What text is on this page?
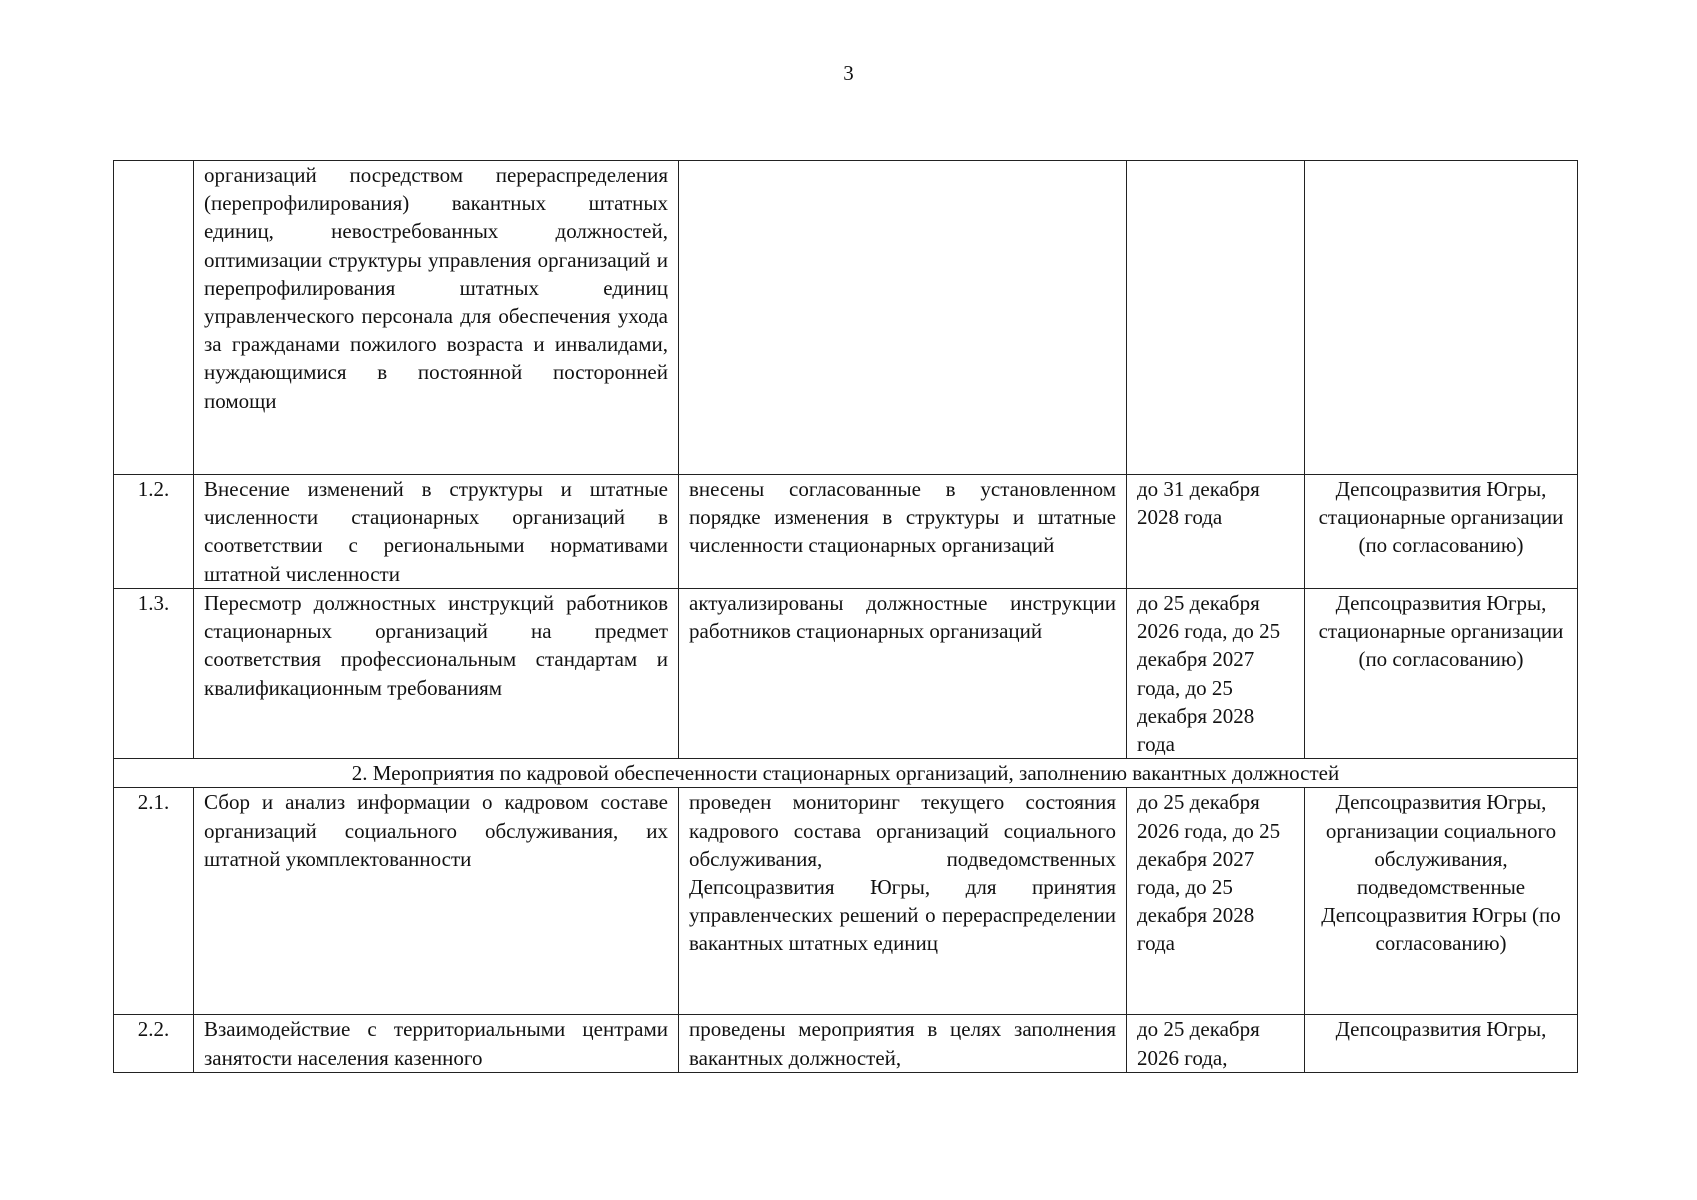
3
	организаций посредством перераспределения (перепрофилирования) вакантных штатных единиц, невостребованных должностей, оптимизации структуры управления организаций и перепрофилирования штатных единиц управленческого персонала для обеспечения ухода за гражданами пожилого возраста и инвалидами, нуждающимися в постоянной посторонней помощи			
1.2.	Внесение изменений в структуры и штатные численности стационарных организаций в соответствии с региональными нормативами штатной численности	внесены согласованные в установленном порядке изменения в структуры и штатные численности стационарных организаций	до 31 декабря 2028 года	Депсоцразвития Югры, стационарные организации (по согласованию)
1.3.	Пересмотр должностных инструкций работников стационарных организаций на предмет соответствия профессиональным стандартам и квалификационным требованиям	актуализированы должностные инструкции работников стационарных организаций	до 25 декабря 2026 года, до 25 декабря 2027 года, до 25 декабря 2028 года	Депсоцразвития Югры, стационарные организации (по согласованию)
2. Мероприятия по кадровой обеспеченности стационарных организаций, заполнению вакантных должностей				
2.1.	Сбор и анализ информации о кадровом составе организаций социального обслуживания, их штатной укомплектованности	проведен мониторинг текущего состояния кадрового состава организаций социального обслуживания, подведомственных Депсоцразвития Югры, для принятия управленческих решений о перераспределении вакантных штатных единиц	до 25 декабря 2026 года, до 25 декабря 2027 года, до 25 декабря 2028 года	Депсоцразвития Югры, организации социального обслуживания, подведомственные Депсоцразвития Югры (по согласованию)
2.2.	Взаимодействие с территориальными центрами занятости населения казенного	проведены мероприятия в целях заполнения вакантных должностей,	до 25 декабря 2026 года,	Депсоцразвития Югры,
